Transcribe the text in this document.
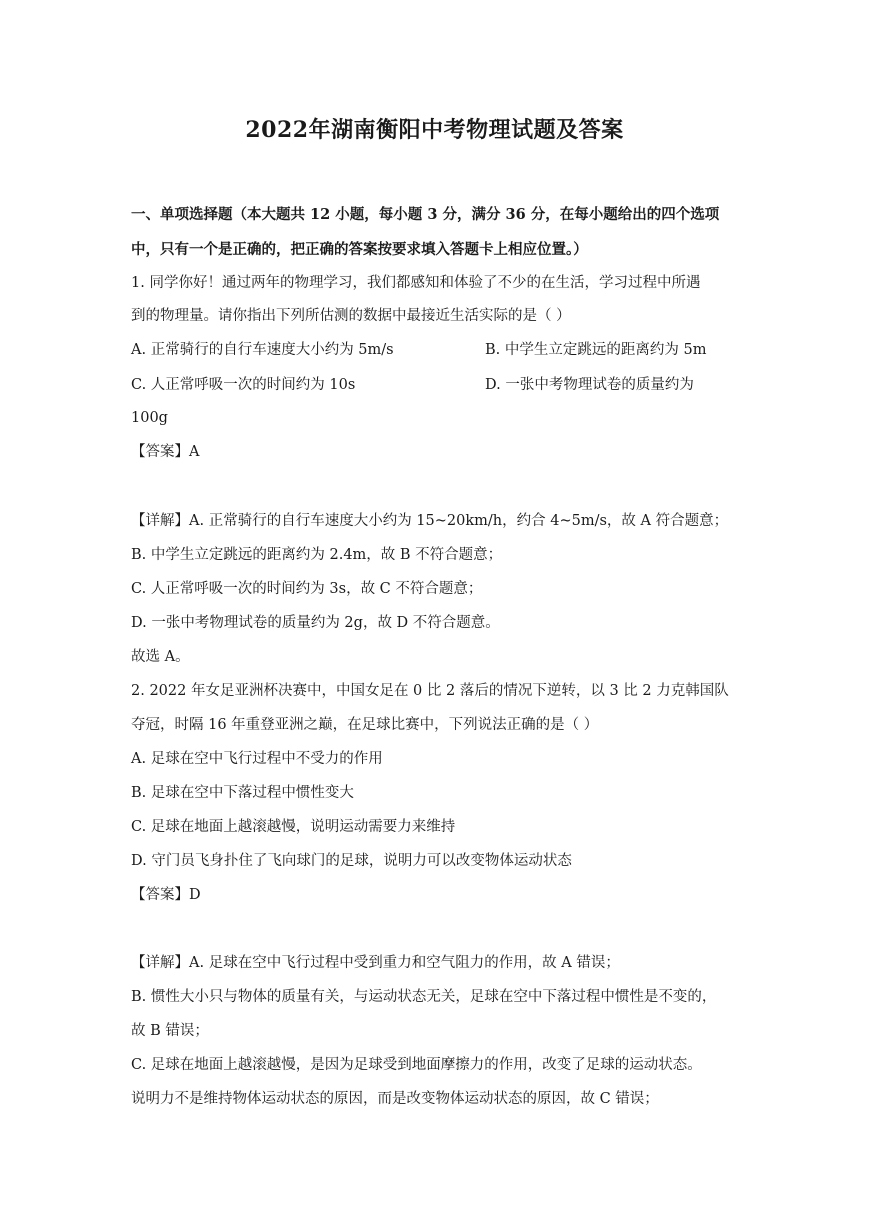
2022年湖南衡阳中考物理试题及答案
一、单项选择题（本大题共 12 小题，每小题 3 分，满分 36 分，在每小题给出的四个选项
中，只有一个是正确的，把正确的答案按要求填入答题卡上相应位置。）
1. 同学你好！通过两年的物理学习，我们都感知和体验了不少的在生活，学习过程中所遇
到的物理量。请你指出下列所估测的数据中最接近生活实际的是（ ）
A. 正常骑行的自行车速度大小约为 5m/s	B. 中学生立定跳远的距离约为 5m
C. 人正常呼吸一次的时间约为 10s	D. 一张中考物理试卷的质量约为
100g
【答案】A
【详解】A. 正常骑行的自行车速度大小约为 15~20km/h，约合 4~5m/s，故 A 符合题意；
B. 中学生立定跳远的距离约为 2.4m，故 B 不符合题意；
C. 人正常呼吸一次的时间约为 3s，故 C 不符合题意；
D. 一张中考物理试卷的质量约为 2g，故 D 不符合题意。
故选 A。
2. 2022 年女足亚洲杯决赛中，中国女足在 0 比 2 落后的情况下逆转，以 3 比 2 力克韩国队
夺冠，时隔 16 年重登亚洲之巅，在足球比赛中，下列说法正确的是（ ）
A. 足球在空中飞行过程中不受力的作用
B. 足球在空中下落过程中惯性变大
C. 足球在地面上越滚越慢，说明运动需要力来维持
D. 守门员飞身扑住了飞向球门的足球，说明力可以改变物体运动状态
【答案】D
【详解】A. 足球在空中飞行过程中受到重力和空气阻力的作用，故 A 错误；
B. 惯性大小只与物体的质量有关，与运动状态无关，足球在空中下落过程中惯性是不变的，
故 B 错误；
C. 足球在地面上越滚越慢，是因为足球受到地面摩擦力的作用，改变了足球的运动状态。
说明力不是维持物体运动状态的原因，而是改变物体运动状态的原因，故 C 错误；
